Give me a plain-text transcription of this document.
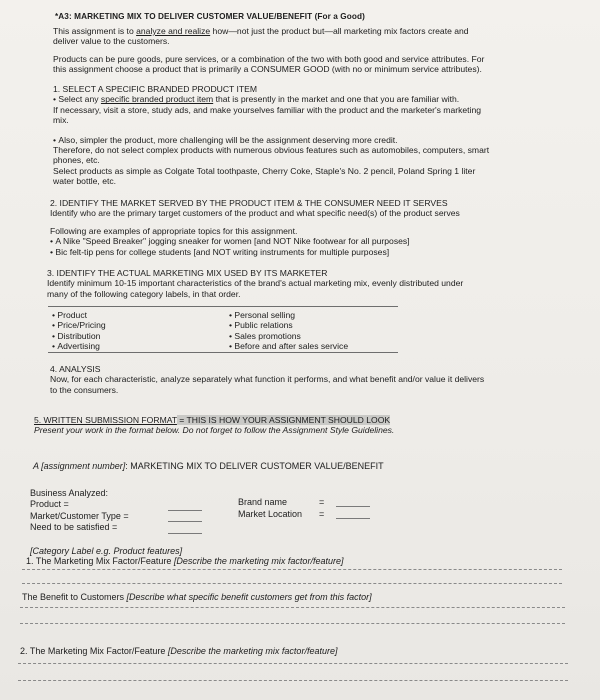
*A3: MARKETING MIX TO DELIVER CUSTOMER VALUE/BENEFIT (For a Good)

This assignment is to analyze and realize how—not just the product but—all marketing mix factors create and

deliver value to the customers.

Products can be pure goods, pure services, or a combination of the two with both good and service attributes. For

this assignment choose a product that is primarily a CONSUMER GOOD (with no or minimum service attributes).

1. SELECT A SPECIFIC BRANDED PRODUCT ITEM

• Select any specific branded product item that is presently in the market and one that you are familiar with.

If necessary, visit a store, study ads, and make yourselves familiar with the product and the marketer's marketing

mix.

• Also, simpler the product, more challenging will be the assignment deserving more credit.

Therefore, do not select complex products with numerous obvious features such as automobiles, computers, smart

phones, etc.

Select products as simple as Colgate Total toothpaste, Cherry Coke, Staple's No. 2 pencil, Poland Spring 1 liter

water bottle, etc.

2. IDENTIFY THE MARKET SERVED BY THE PRODUCT ITEM & THE CONSUMER NEED IT SERVES

Identify who are the primary target customers of the product and what specific need(s) of the product serves

Following are examples of appropriate topics for this assignment.

• A Nike "Speed Breaker" jogging sneaker for women [and NOT Nike footwear for all purposes]

• Bic felt-tip pens for college students [and NOT writing instruments for multiple purposes]

3. IDENTIFY THE ACTUAL MARKETING MIX USED BY ITS MARKETER

Identify minimum 10-15 important characteristics of the brand's actual marketing mix, evenly distributed under

many of the following category labels, in that order.

• Product

• Price/Pricing

• Distribution

• Advertising

• Personal selling

• Public relations

• Sales promotions

• Before and after sales service

4. ANALYSIS

Now, for each characteristic, analyze separately what function it performs, and what benefit and/or value it delivers

to the consumers.

5. WRITTEN SUBMISSION FORMAT = THIS IS HOW YOUR ASSIGNMENT SHOULD LOOK

Present your work in the format below. Do not forget to follow the Assignment Style Guidelines.

A [assignment number]: MARKETING MIX TO DELIVER CUSTOMER VALUE/BENEFIT

Business Analyzed:

Product =

Market/Customer Type =

Need to be satisfied =

Brand name

Market Location

=

=

[Category Label e.g. Product features]

1. The Marketing Mix Factor/Feature [Describe the marketing mix factor/feature]

The Benefit to Customers [Describe what specific benefit customers get from this factor]

2. The Marketing Mix Factor/Feature [Describe the marketing mix factor/feature]
